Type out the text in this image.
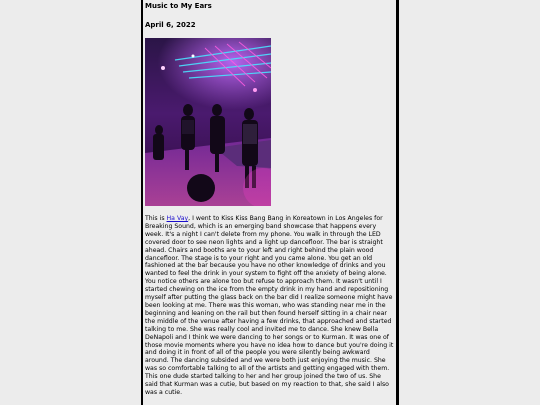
Music to My Ears
April 6, 2022
This is Ha Vay, I went to Kiss Kiss Bang Bang in Koreatown in Los Angeles for Breaking Sound, which is an emerging band showcase that happens every week. It's a night I can't delete from my phone. You walk in through the LED covered door to see neon lights and a light up dancefloor. The bar is straight ahead. Chairs and booths are to your left and right behind the plain wood dancefloor. The stage is to your right and you came alone. You get an old fashioned at the bar because you have no other knowledge of drinks and you wanted to feel the drink in your system to fight off the anxiety of being alone. You notice others are alone too but refuse to approach them. It wasn't until I started chewing on the ice from the empty drink in my hand and repositioning myself after putting the glass back on the bar did I realize someone might have been looking at me. There was this woman, who was standing near me in the beginning and leaning on the rail but then found herself sitting in a chair near the middle of the venue after having a few drinks, that approached and started talking to me. She was really cool and invited me to dance. She knew Bella DeNapoli and I think we were dancing to her songs or to Kurman. It was one of those movie moments where you have no idea how to dance but you're doing it and doing it in front of all of the people you were silently being awkward around. The dancing subsided and we were both just enjoying the music. She was so comfortable talking to all of the artists and getting engaged with them. This one dude started talking to her and her group joined the two of us. She said that Kurman was a cutie, but based on my reaction to that, she said I also was a cutie.
